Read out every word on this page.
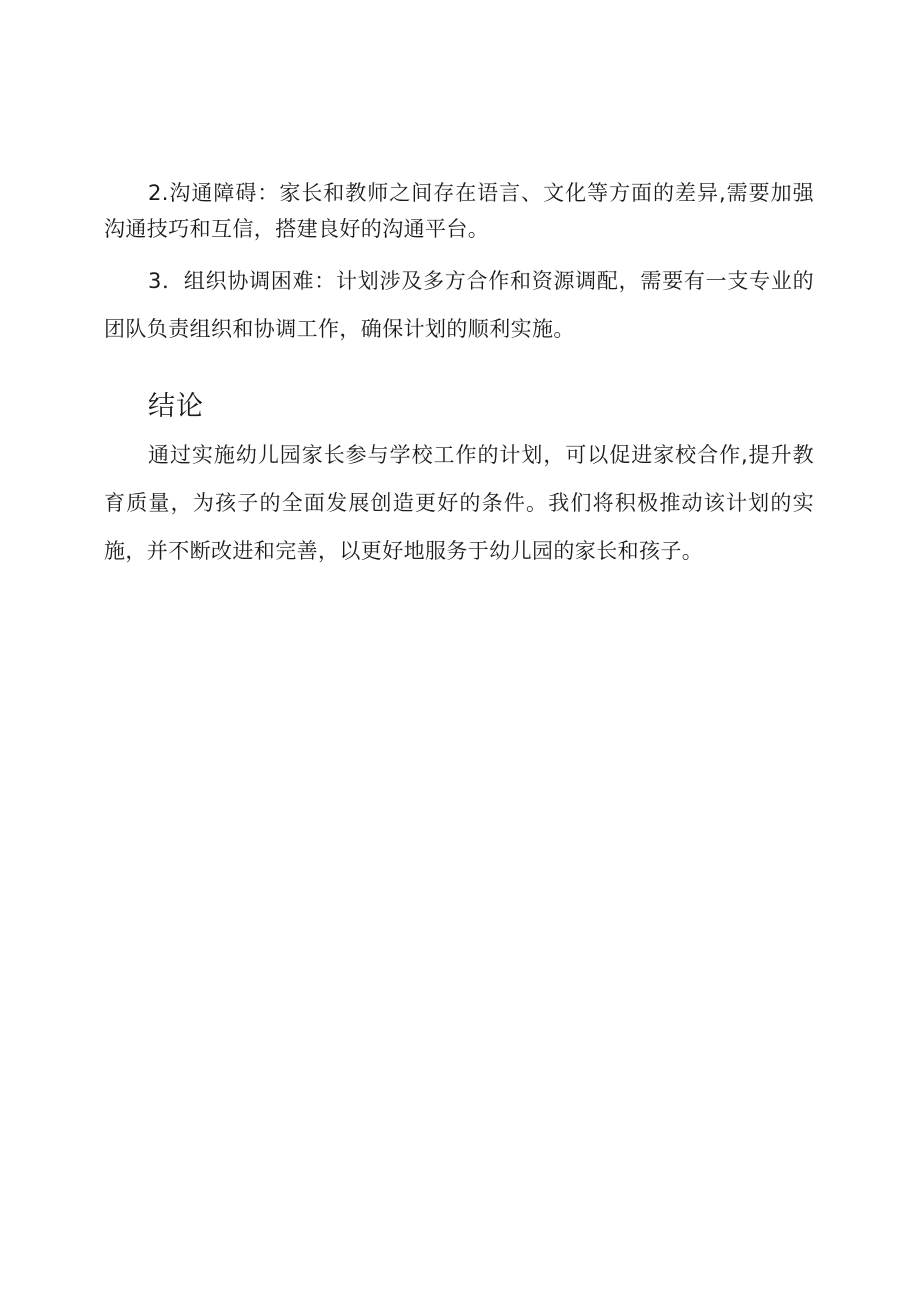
2.沟通障碍：家长和教师之间存在语言、文化等方面的差异,需要加强沟通技巧和互信，搭建良好的沟通平台。

3．组织协调困难：计划涉及多方合作和资源调配，需要有一支专业的团队负责组织和协调工作，确保计划的顺利实施。

结论

通过实施幼儿园家长参与学校工作的计划，可以促进家校合作,提升教育质量，为孩子的全面发展创造更好的条件。我们将积极推动该计划的实施，并不断改进和完善，以更好地服务于幼儿园的家长和孩子。
